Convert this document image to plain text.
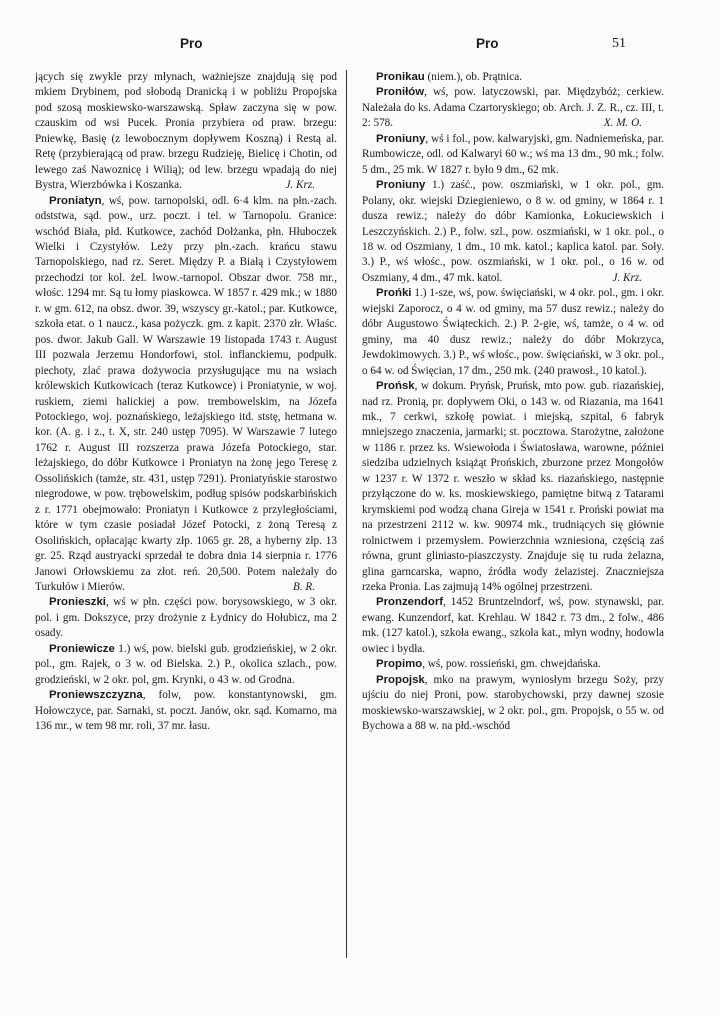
Pro	Pro	51

jących się zwykle przy młynach, ważniejsze znajdują się pod mkiem Drybinem, pod słobodą Dranicką i w pobliżu Propojska pod szosą moskiewsko-warszawską. Spław zaczyna się w pow. czauskim od wsi Pucek. Pronia przybiera od praw. brzegu: Pniewkę, Basię (z lewobocznym dopływem Koszną) i Restą al. Retę (przybierającą od praw. brzegu Rudzieję, Bielicę i Chotin, od lewego zaś Nawoznicę i Wilią); od lew. brzegu wpadają do niej Bystra, Wierzbówka i Koszanka.	J. Krz.

Proniatyn, wś, pow. tarnopolski, odl. 6·4 klm. na płn.-zach. odststwa, sąd. pow., urz. poczt. i tel. w Tarnopolu. Granice: wschód Biała, płd. Kutkowce, zachód Dołżanka, płn. Hłuboczek Wielki i Czystyłów. Leży przy płn.-zach. krańcu stawu Tarnopolskiego, nad rz. Seret. Między P. a Białą i Czystyłowem przechodzi tor kol. żel. lwow.-tarnopol. Obszar dwor. 758 mr., włośc. 1294 mr. Są tu łomy piaskowca. W 1857 r. 429 mk.; w 1880 r. w gm. 612, na obsz. dwor. 39, wszyscy gr.-katol.; par. Kutkowce, szkoła etat. o 1 naucz., kasa pożyczk. gm. z kapit. 2370 złr. Właśc. pos. dwor. Jakub Gall. W Warszawie 19 listopada 1743 r. August III pozwala Jerzemu Hondorfowi, stol. inflanckiemu, podpułk. piechoty, zlać prawa dożywocia przysługujące mu na wsiach królewskich Kutkowicach (teraz Kutkowce) i Proniatynie, w woj. ruskiem, ziemi halickiej a pow. trembowelskim, na Józefa Potockiego, woj. poznańskiego, leżajskiego itd. ststę, hetmana w. kor. (A. g. i z., t. X, str. 240 ustęp 7095). W Warszawie 7 lutego 1762 r. August III rozszerza prawa Józefa Potockiego, star. leżajskiego, do dóbr Kutkowce i Proniatyn na żonę jego Teresę z Ossolińskich (tamże, str. 431, ustęp 7291). Proniatyńskie starostwo niegrodowe, w pow. trębowelskim, podług spisów podskarbińskich z r. 1771 obejmowało: Proniatyn i Kutkowce z przyległościami, które w tym czasie posiadał Józef Potocki, z żoną Teresą z Osolińskich, opłacając kwarty złp. 1065 gr. 28, a hyberny złp. 13 gr. 25. Rząd austryacki sprzedał te dobra dnia 14 sierpnia r. 1776 Janowi Orłowskiemu za złot. reń. 20,500. Potem należały do Turkułów i Mierów.	B. R.

Pronieszki, wś w płn. części pow. borysowskiego, w 3 okr. pol. i gm. Dokszyce, przy drożynie z Łydnicy do Hołubicz, ma 2 osady.

Proniewicze 1.) wś, pow. bielski gub. grodzieńskiej, w 2 okr. pol., gm. Rajek, o 3 w. od Bielska. 2.) P., okolica szlach., pow. grodzieński, w 2 okr. pol, gm. Krynki, o 43 w. od Grodna.

Proniewszczyzna, folw, pow. konstantynowski, gm. Hołowczyce, par. Sarnaki, st. poczt. Janów, okr. sąd. Komarno, ma 136 mr., w tem 98 mr. roli, 37 mr. łasu.

Pronikau (niem.), ob. Prątnica.

Proniłów, wś, pow. latyczowski, par. Międzybóż; cerkiew. Należała do ks. Adama Czartoryskiego; ob. Arch. J. Z. R., cz. III, t. 2: 578.	X. M. O.

Proniuny, wś i fol., pow. kalwaryjski, gm. Nadniemeńska, par. Rumbowicze, odl. od Kalwaryi 60 w.; wś ma 13 dm., 90 mk.; folw. 5 dm., 25 mk. W 1827 r. było 9 dm., 62 mk.

Proniuny 1.) zaść., pow. oszmiański, w 1 okr. pol., gm. Polany, okr. wiejski Dziegieniewo, o 8 w. od gminy, w 1864 r. 1 dusza rewiz.; należy do dóbr Kamionka, Łokuciewskich i Leszczyńskich. 2.) P., folw. szl., pow. oszmiański, w 1 okr. pol., o 18 w. od Oszmiany, 1 dm., 10 mk. katol.; kaplica katol. par. Soły. 3.) P., wś włośc., pow. oszmiański, w 1 okr. pol., o 16 w. od Oszmiany, 4 dm., 47 mk. katol.	J. Krz.

Prońki 1.) 1-sze, wś, pow. święciański, w 4 okr. pol., gm. i okr. wiejski Zaporocz, o 4 w. od gminy, ma 57 dusz rewiz.; należy do dóbr Augustowo Świąteckich. 2.) P. 2-gie, wś, tamże, o 4 w. od gminy, ma 40 dusz rewiz.; należy do dóbr Mokrzyca, Jewdokimowych. 3.) P., wś włośc., pow. święciański, w 3 okr. pol., o 64 w. od Święcian, 17 dm., 250 mk. (240 prawosł., 10 katol.).

Prońsk, w dokum. Pryńsk, Pruńsk, mto pow. gub. riazańskiej, nad rz. Pronią, pr. dopływem Oki, o 143 w. od Riazania, ma 1641 mk., 7 cerkwi, szkołę powiat. i miejską, szpital, 6 fabryk mniejszego znaczenia, jarmarki; st. pocztowa. Starożytne, założone w 1186 r. przez ks. Wsiewołoda i Światosława, warowne, późniei siedziba udzielnych książąt Prońskich, zburzone przez Mongołów w 1237 r. W 1372 r. weszło w skład ks. riazańskiego, następnie przyłączone do w. ks. moskiewskiego, pamiętne bitwą z Tatarami krymskiemi pod wodzą chana Gireja w 1541 r. Proński powiat ma na przestrzeni 2112 w. kw. 90974 mk., trudniących się głównie rolnictwem i przemysłem. Powierzchnia wzniesiona, częścią zaś równa, grunt gliniasto-piaszczysty. Znajduje się tu ruda żelazna, glina garncarska, wapno, źródła wody żelazistej. Znaczniejsza rzeka Pronia. Las zajmują 14% ogólnej przestrzeni.

Pronzendorf, 1452 Bruntzelndorf, wś, pow. stynawski, par. ewang. Kunzendorf, kat. Krehlau. W 1842 r. 73 dm., 2 folw., 486 mk. (127 katol.), szkoła ewang., szkoła kat., młyn wodny, hodowla owiec i bydła.

Propimo, wś, pow. rossieński, gm. chwejdańska.

Propojsk, mko na prawym, wyniosłym brzegu Soży, przy ujściu do niej Proni, pow. starobychowski, przy dawnej szosie moskiewsko-warszawskiej, w 2 okr. pol., gm. Propojsk, o 55 w. od Bychowa a 88 w. na płd.-wschód
